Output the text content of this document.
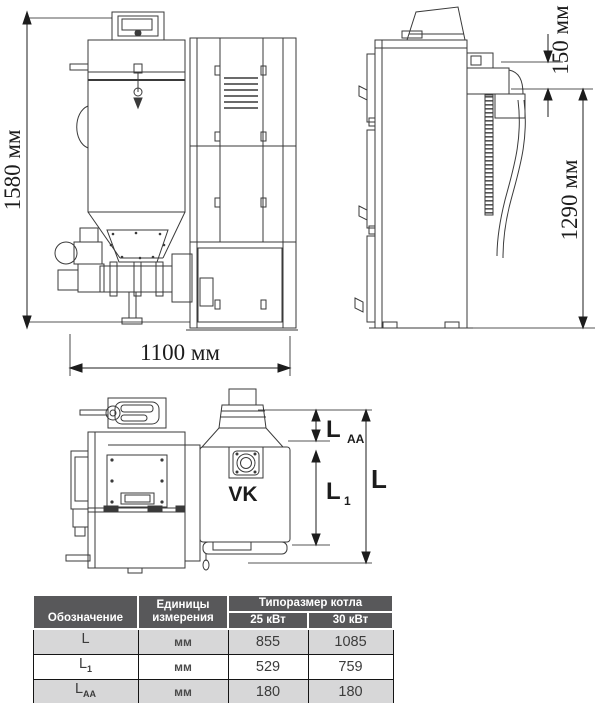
1580 мм
1100 мм
150 мм
1290 мм
VK
L AA
L 1
L
Обозначение	Единицы измерения	Типоразмер котла	
		25 кВт	30 кВт
L	мм	855	1085
$L_1$	мм	529	759
$L_{AA}$	мм	180	180
